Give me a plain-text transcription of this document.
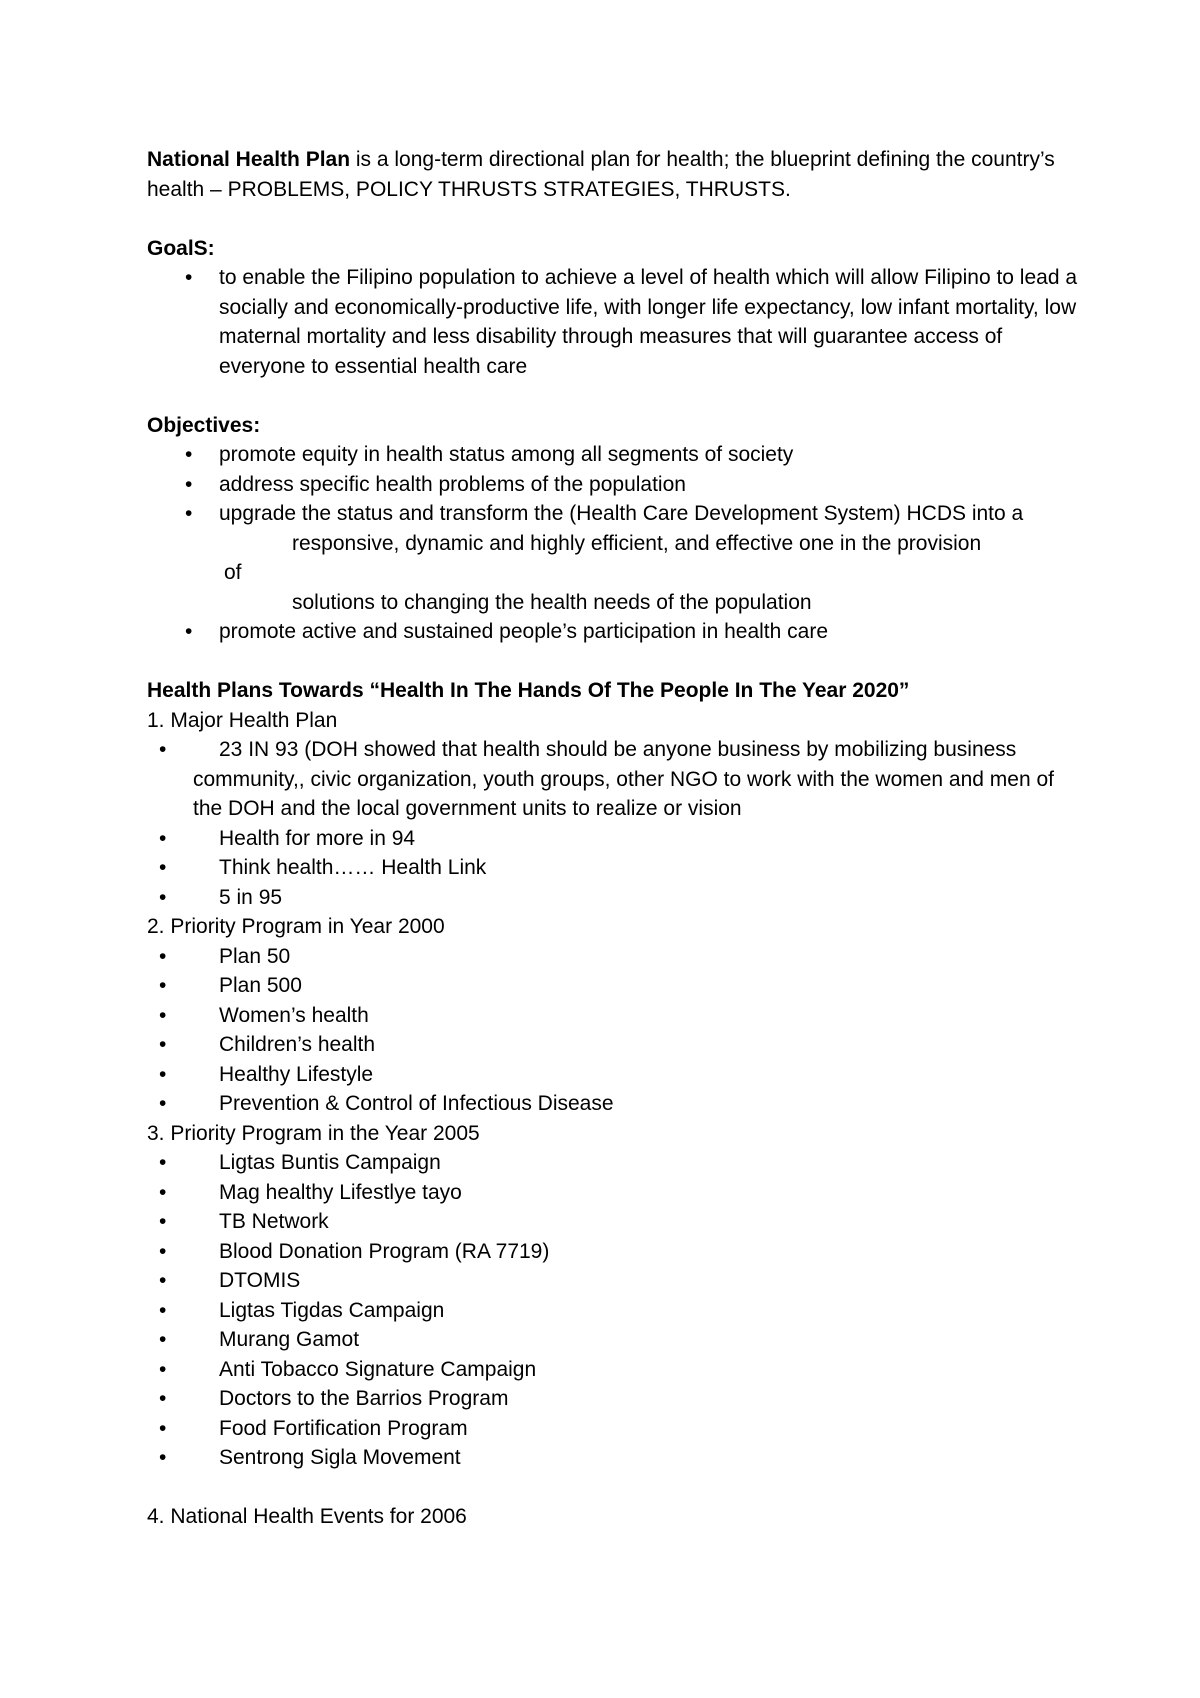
National Health Plan is a long-term directional plan for health; the blueprint defining the country’s health – PROBLEMS, POLICY THRUSTS STRATEGIES, THRUSTS.

GoalS:

• to enable the Filipino population to achieve a level of health which will allow Filipino to lead a socially and economically-productive life, with longer life expectancy, low infant mortality, low maternal mortality and less disability through measures that will guarantee access of everyone to essential health care

Objectives:

• promote equity in health status among all segments of society
• address specific health problems of the population
• upgrade the status and transform the (Health Care Development System) HCDS into a
responsive, dynamic and highly efficient, and effective one in the provision
of
solutions to changing the health needs of the population
• promote active and sustained people’s participation in health care

Health Plans Towards “Health In The Hands Of The People In The Year 2020”

1. Major Health Plan

• 23 IN 93 (DOH showed that health should be anyone business by mobilizing business community,, civic organization, youth groups, other NGO to work with the women and men of the DOH and the local government units to realize or vision
• Health for more in 94
• Think health…… Health Link
• 5 in 95

2. Priority Program in Year 2000

• Plan 50
• Plan 500
• Women’s health
• Children’s health
• Healthy Lifestyle
• Prevention & Control of Infectious Disease

3. Priority Program in the Year 2005

• Ligtas Buntis Campaign
• Mag healthy Lifestlye tayo
• TB Network
• Blood Donation Program (RA 7719)
• DTOMIS
• Ligtas Tigdas Campaign
• Murang Gamot
• Anti Tobacco Signature Campaign
• Doctors to the Barrios Program
• Food Fortification Program
• Sentrong Sigla Movement

4. National Health Events for 2006
